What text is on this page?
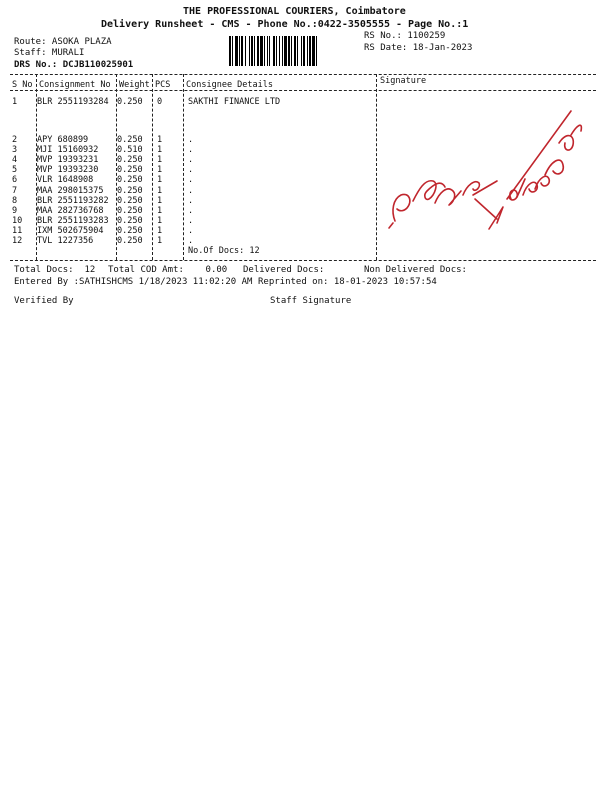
THE PROFESSIONAL COURIERS, Coimbatore
Delivery Runsheet - CMS - Phone No.:0422-3505555 - Page No.:1
Route: ASOKA PLAZA
Staff: MURALI
DRS No.: DCJB110025901
RS No.: 1100259
RS Date: 18-Jan-2023
S No Consignment No Weight PCS Consignee Details	Signature
1 BLR 2551193284 0.250 0	SAKTHI FINANCE LTD
2 APY 680899	0.250 1	.
3 MJI 15160932 0.510 1	.
4 MVP 19393231 0.250 1	.
5 MVP 19393230 0.250 1	.
6 VLR 1648908	0.250 1	.
7 MAA 298015375 0.250 1	.
8 BLR 2551193282 0.250 1	.
9 MAA 282736768 0.250 1	.
10 BLR 2551193283 0.250 1	.
11 IXM 502675904 0.250 1	.
12 TVL 1227356	0.250 1	.
No.Of Docs: 12
Total Docs:  12 Total COD Amt:    0.00 Delivered Docs:	Non Delivered Docs:
Entered By :SATHISHCMS 1/18/2023 11:02:20 AM Reprinted on: 18-01-2023 10:57:54
Verified By	Staff Signature
